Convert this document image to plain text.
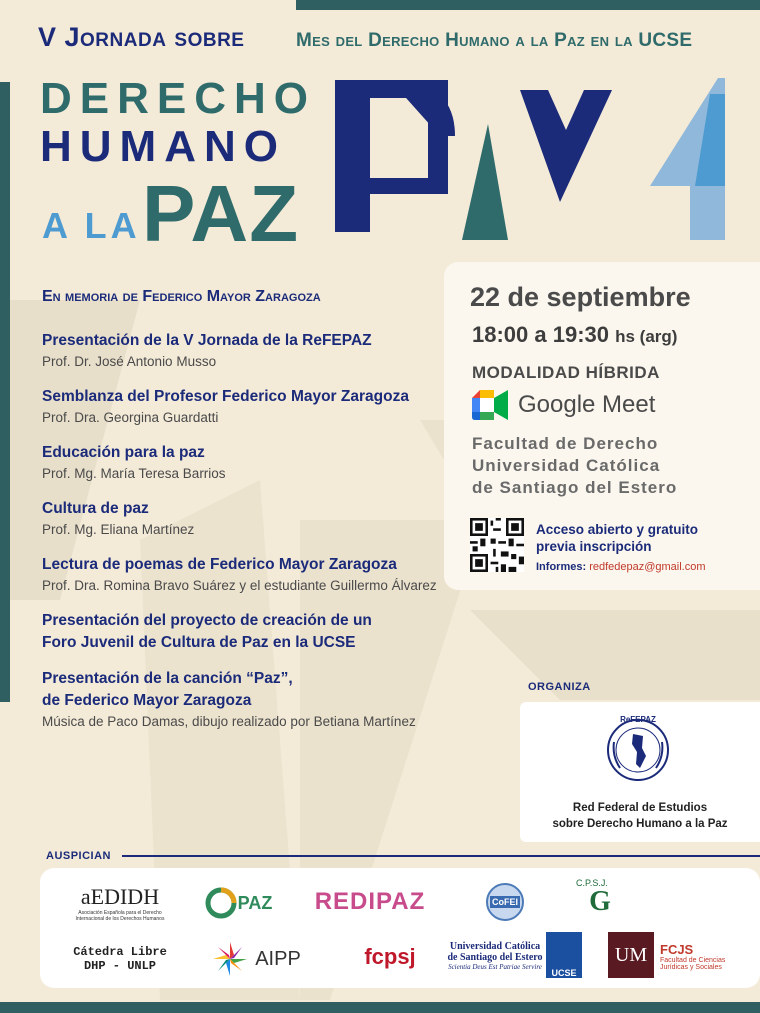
V Jornada sobre	Mes del Derecho Humano a la Paz en la UCSE
DERECHO
HUMANO
A LA PAZ
En memoria de Federico Mayor Zaragoza
Presentación de la V Jornada de la ReFEPAZ
Prof. Dr. José Antonio Musso
Semblanza del Profesor Federico Mayor Zaragoza
Prof. Dra. Georgina Guardatti
Educación para la paz
Prof. Mg. María Teresa Barrios
Cultura de paz
Prof. Mg. Eliana Martínez
Lectura de poemas de Federico Mayor Zaragoza
Prof. Dra. Romina Bravo Suárez y el estudiante Guillermo Álvarez
Presentación del proyecto de creación de un
Foro Juvenil de Cultura de Paz en la UCSE
Presentación de la canción “Paz”,
de Federico Mayor Zaragoza
Música de Paco Damas, dibujo realizado por Betiana Martínez
22 de septiembre
18:00 a 19:30 hs (arg)
MODALIDAD HÍBRIDA
Google Meet
Facultad de Derecho
Universidad Católica
de Santiago del Estero
Acceso abierto y gratuito
previa inscripción
Informes: redfedepaz@gmail.com
ORGANIZA
ReFEPAZ
Red Federal de Estudios
sobre Derecho Humano a la Paz
AUSPICIAN
aEDIDH
Asociación Española para el Derecho Internacional de los Derechos Humanos
PAZ REDIPAZ	CoFEI	G
C.P.S.J.
Cátedra Libre
DHP - UNLP	AIPP	fcpsj	Universidad Católica
de Santiago del Estero
Scientia Deus Est Patriae Servire
UCSE
UM FCJS
Facultad de Ciencias
Jurídicas y Sociales
